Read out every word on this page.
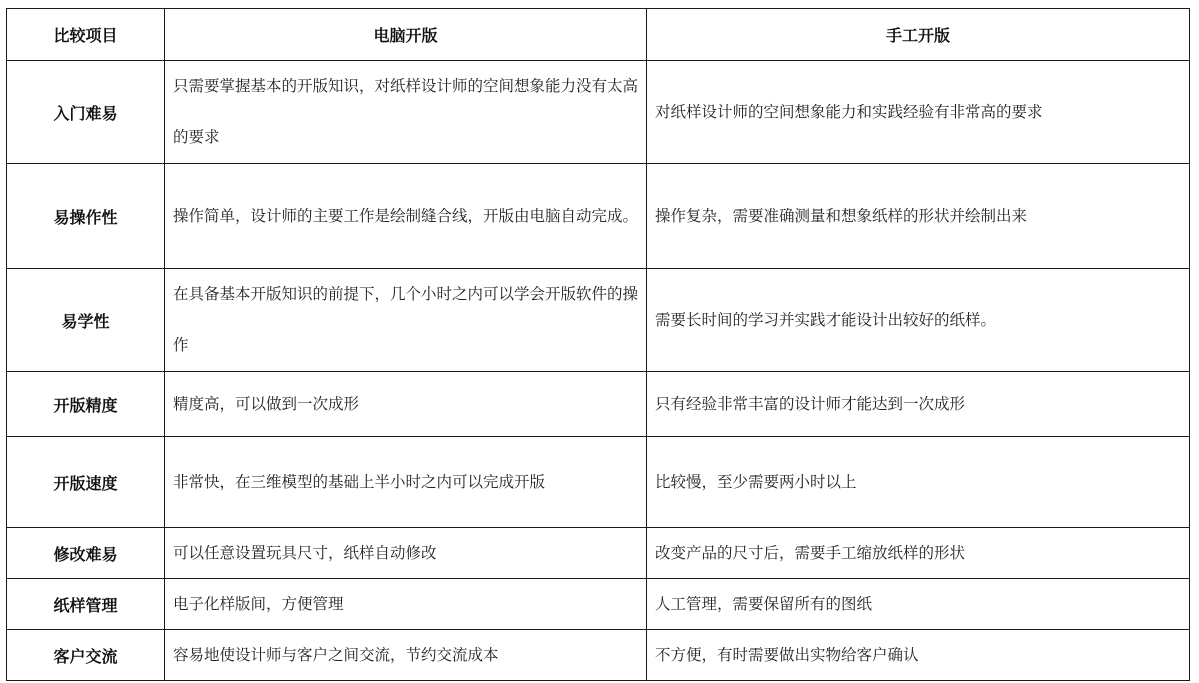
比较项目	电脑开版	手工开版
入门难易	只需要掌握基本的开版知识，对纸样设计师的空间想象能力没有太高的要求	对纸样设计师的空间想象能力和实践经验有非常高的要求
易操作性	操作简单，设计师的主要工作是绘制缝合线，开版由电脑自动完成。	操作复杂，需要准确测量和想象纸样的形状并绘制出来
易学性	在具备基本开版知识的前提下，几个小时之内可以学会开版软件的操作	需要长时间的学习并实践才能设计出较好的纸样。
开版精度	精度高，可以做到一次成形	只有经验非常丰富的设计师才能达到一次成形
开版速度	非常快，在三维模型的基础上半小时之内可以完成开版	比较慢，至少需要两小时以上
修改难易	可以任意设置玩具尺寸，纸样自动修改	改变产品的尺寸后，需要手工缩放纸样的形状
纸样管理	电子化样版间，方便管理	人工管理，需要保留所有的图纸
客户交流	容易地使设计师与客户之间交流，节约交流成本	不方便，有时需要做出实物给客户确认
